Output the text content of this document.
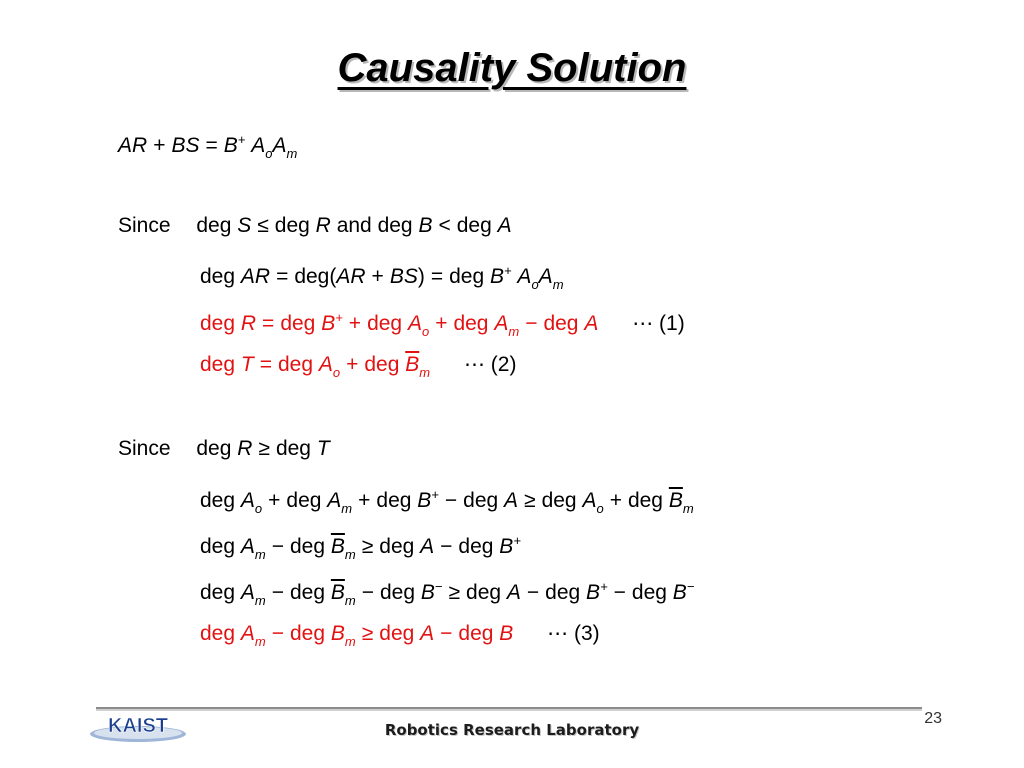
Causality Solution
AR + BS = B+ $A_oA_m$
Since deg S ≤ deg R and deg B < deg A
deg AR = deg(AR + BS) = deg B+ $A_oA_m$
deg R = deg B+ + deg $A_o$ + deg $A_m$ − deg A ⋯ (1)
deg T = deg $A_o$ + deg $\overline{B}_m$ ⋯ (2)
Since deg R ≥ deg T
deg $A_o$ + deg $A_m$ + deg B+ − deg A ≥ deg $A_o$ + deg $\overline{B}_m$
deg $A_m$ − deg $\overline{B}_m$ ≥ deg A − deg B+
deg $A_m$ − deg $\overline{B}_m$ − deg B− ≥ deg A − deg B+ − deg B−
deg $A_m$ − deg $B_m$ ≥ deg A − deg B ⋯ (3)
KAIST	Robotics Research Laboratory
23
